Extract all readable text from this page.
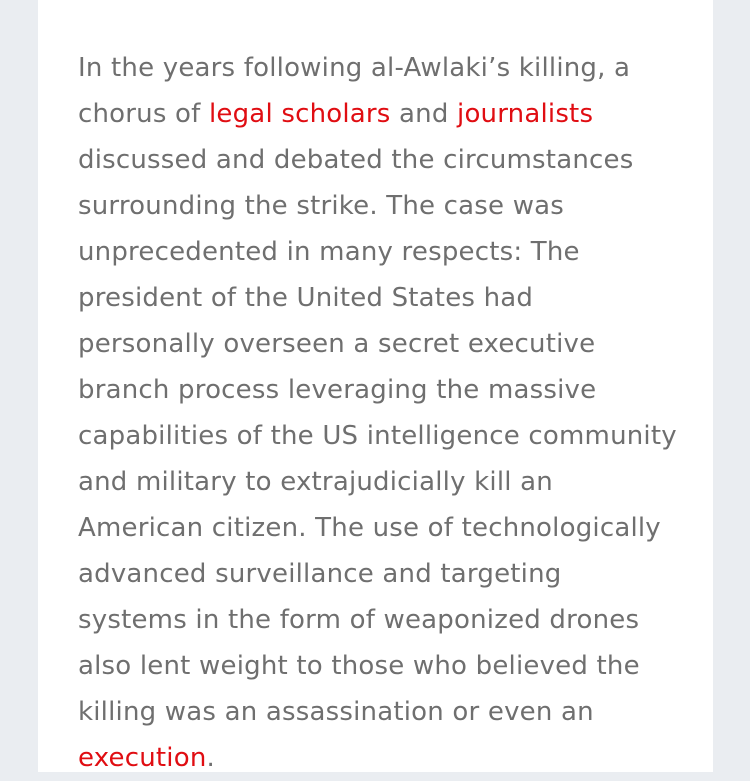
In the years following al-Awlaki’s killing, a chorus of legal scholars and journalists discussed and debated the circumstances surrounding the strike. The case was unprecedented in many respects: The president of the United States had personally overseen a secret executive branch process leveraging the massive capabilities of the US intelligence community and military to extrajudicially kill an American citizen. The use of technologically advanced surveillance and targeting systems in the form of weaponized drones also lent weight to those who believed the killing was an assassination or even an execution.
